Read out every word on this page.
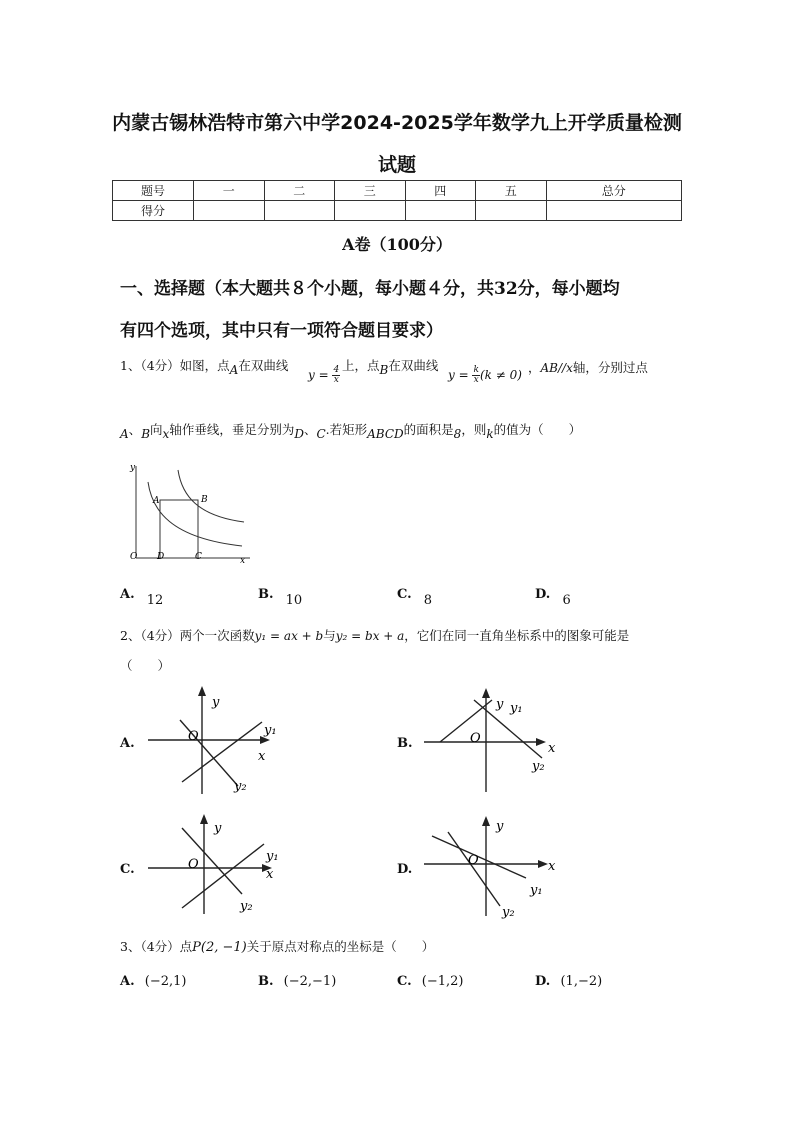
内蒙古锡林浩特市第六中学2024-2025学年数学九上开学质量检测
试题
题号	一	二	三	四	五	总分
得分						
A卷（100分）
一、选择题（本大题共８个小题，每小题４分，共32分，每小题均
有四个选项，其中只有一项符合题目要求）
1、（4分）如图，点A在双曲线
$y = \frac{4}{x}$
上，点B在双曲线
$y = \frac{k}{x} (k \ne 0)$ ，AB//x轴，分别过点
A、B向x轴作垂线，垂足分别为D、C.若矩形ABCD的面积是8，则k的值为（　　）
y
x
O
A	B
C
D
A. 12	B. 10	C. 8	D. 6
2、（4分）两个一次函数y₁ = ax + b与y₂ = bx + a，它们在同一直角坐标系中的图象可能是
（　　）
A.
y
x
O	y₁
y₂
B.
y
x
O
y₁
y₂
C.
y
x
O
y₁
y₂
D.
y
x
O
y₁
y₂
3、（4分）点P(2, −1)关于原点对称点的坐标是（　　）
A. (−2,1)	B. (−2,−1)	C. (−1,2)	D. (1,−2)
